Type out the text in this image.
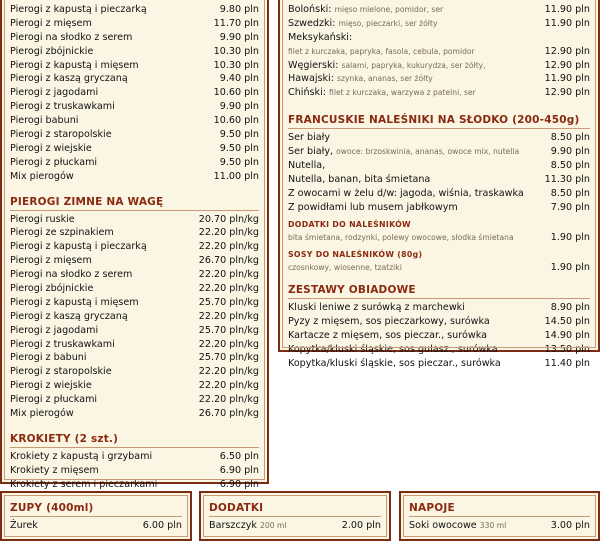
Pierogi z kapustą i pieczarką	9.80 pln
Pierogi z mięsem	11.70 pln
Pierogi na słodko z serem	9.90 pln
Pierogi zbójnickie	10.30 pln
Pierogi z kapustą i mięsem	10.30 pln
Pierogi z kaszą gryczaną	9.40 pln
Pierogi z jagodami	10.60 pln
Pierogi z truskawkami	9.90 pln
Pierogi babuni	10.60 pln
Pierogi z staropolskie	9.50 pln
Pierogi z wiejskie	9.50 pln
Pierogi z płuckami	9.50 pln
Mix pierogów	11.00 pln
PIEROGI ZIMNE NA WAGĘ
Pierogi ruskie	20.70 pln/kg
Pierogi ze szpinakiem	22.20 pln/kg
Pierogi z kapustą i pieczarką	22.20 pln/kg
Pierogi z mięsem	26.70 pln/kg
Pierogi na słodko z serem	22.20 pln/kg
Pierogi zbójnickie	22.20 pln/kg
Pierogi z kapustą i mięsem	25.70 pln/kg
Pierogi z kaszą gryczaną	22.20 pln/kg
Pierogi z jagodami	25.70 pln/kg
Pierogi z truskawkami	22.20 pln/kg
Pierogi z babuni	25.70 pln/kg
Pierogi z staropolskie	22.20 pln/kg
Pierogi z wiejskie	22.20 pln/kg
Pierogi z płuckami	22.20 pln/kg
Mix pierogów	26.70 pln/kg
KROKIETY (2 szt.)
Krokiety z kapustą i grzybami	6.50 pln
Krokiety z mięsem	6.90 pln
Krokiety z serem i pieczarkami	6.90 pln
Boloński: mięso mielone, pomidor, ser	11.90 pln
Szwedzki: mięso, pieczarki, ser żółty	11.90 pln
Meksykański:
filet z kurczaka, papryka, fasola, cebula, pomidor	12.90 pln
Węgierski: salami, papryka, kukurydza, ser żółty,	12.90 pln
Hawajski: szynka, ananas, ser żółty	11.90 pln
Chiński: filet z kurczaka, warzywa z patelni, ser	12.90 pln
FRANCUSKIE NALEŚNIKI NA SŁODKO (200-450g)
Ser biały	8.50 pln
Ser biały, owoce: brzoskwinia, ananas, owoce mix, nutella	9.90 pln
Nutella,	8.50 pln
Nutella, banan, bita śmietana	11.30 pln
Z owocami w żelu d/w: jagoda, wiśnia, traskawka	8.50 pln
Z powidłami lub musem jabłkowym	7.90 pln
DODATKI DO NALEŚNIKÓW
bita śmietana, rodzynki, polewy owocowe, słodka śmietana	1.90 pln
SOSY DO NALEŚNIKÓW (80g)
czosnkowy, wiosenne, tzatziki	1.90 pln
ZESTAWY OBIADOWE
Kluski leniwe z surówką z marchewki	8.90 pln
Pyzy z mięsem, sos pieczarkowy, surówka	14.50 pln
Kartacze z mięsem, sos pieczar., surówka	14.90 pln
Kopytka/kluski śląskie, sos gulasz., surówka	13.50 pln
Kopytka/kluski śląskie, sos pieczar., surówka	11.40 pln
ZUPY (400ml)
Żurek	6.00 pln
DODATKI
Barszczyk 200 ml	2.00 pln
NAPOJE
Soki owocowe 330 ml	3.00 pln
